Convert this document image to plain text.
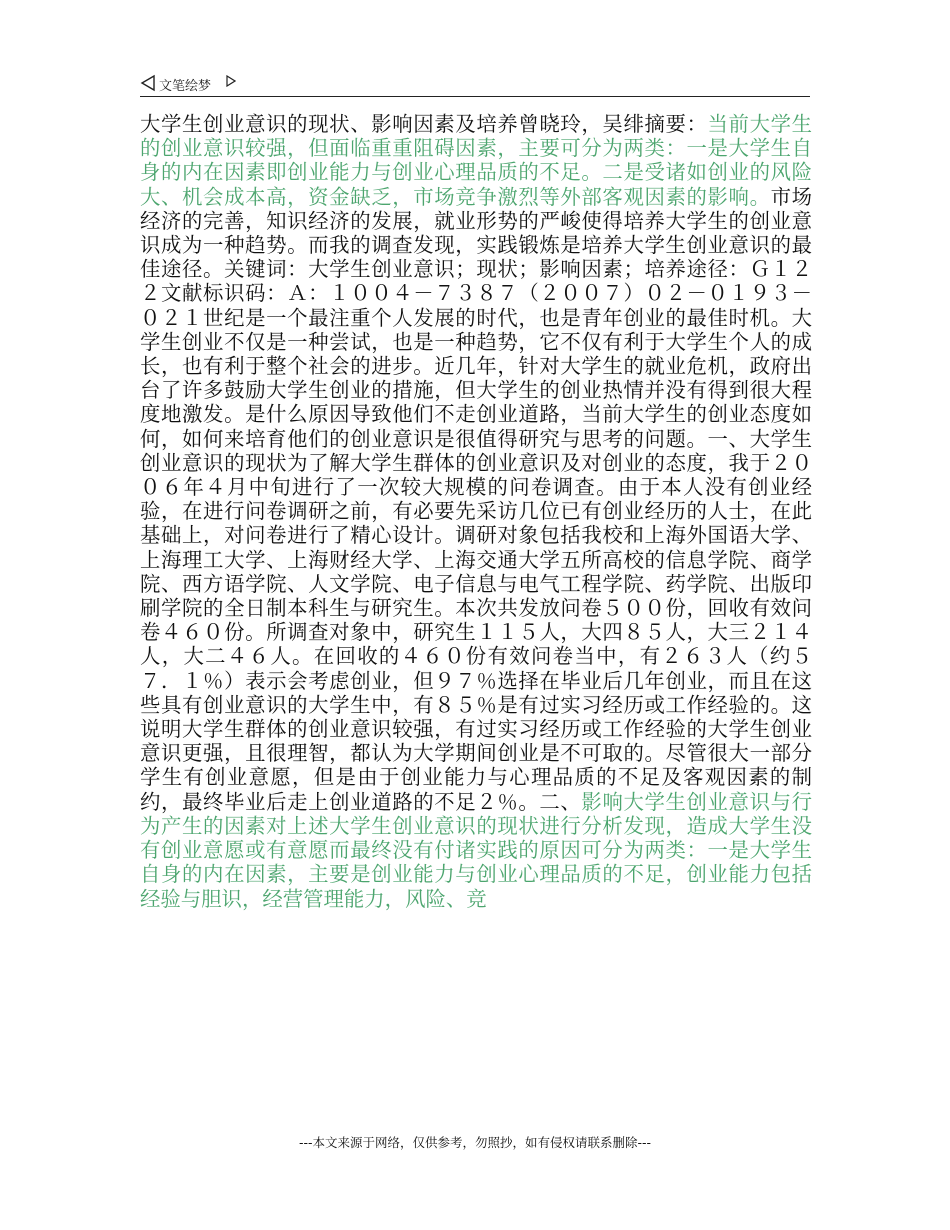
文笔绘梦
大学生创业意识的现状、影响因素及培养曾晓玲，吴绯摘要：当前大学生的创业意识较强，但面临重重阻碍因素，主要可分为两类：一是大学生自身的内在因素即创业能力与创业心理品质的不足。二是受诸如创业的风险大、机会成本高，资金缺乏，市场竞争激烈等外部客观因素的影响。市场经济的完善，知识经济的发展，就业形势的严峻使得培养大学生的创业意识成为一种趋势。而我的调查发现，实践锻炼是培养大学生创业意识的最佳途径。关键词：大学生创业意识；现状；影响因素；培养途径：Ｇ１２２文献标识码：Ａ：１００４－７３８７（２００７）０２－０１９３－０２１世纪是一个最注重个人发展的时代，也是青年创业的最佳时机。大学生创业不仅是一种尝试，也是一种趋势，它不仅有利于大学生个人的成长，也有利于整个社会的进步。近几年，针对大学生的就业危机，政府出台了许多鼓励大学生创业的措施，但大学生的创业热情并没有得到很大程度地激发。是什么原因导致他们不走创业道路，当前大学生的创业态度如何，如何来培育他们的创业意识是很值得研究与思考的问题。一、大学生创业意识的现状为了解大学生群体的创业意识及对创业的态度，我于２００６年４月中旬进行了一次较大规模的问卷调查。由于本人没有创业经验，在进行问卷调研之前，有必要先采访几位已有创业经历的人士，在此基础上，对问卷进行了精心设计。调研对象包括我校和上海外国语大学、上海理工大学、上海财经大学、上海交通大学五所高校的信息学院、商学院、西方语学院、人文学院、电子信息与电气工程学院、药学院、出版印刷学院的全日制本科生与研究生。本次共发放问卷５００份，回收有效问卷４６０份。所调查对象中，研究生１１５人，大四８５人，大三２１４人，大二４６人。在回收的４６０份有效问卷当中，有２６３人（约５７．１％）表示会考虑创业，但９７％选择在毕业后几年创业，而且在这些具有创业意识的大学生中，有８５％是有过实习经历或工作经验的。这说明大学生群体的创业意识较强，有过实习经历或工作经验的大学生创业意识更强，且很理智，都认为大学期间创业是不可取的。尽管很大一部分学生有创业意愿，但是由于创业能力与心理品质的不足及客观因素的制约，最终毕业后走上创业道路的不足２％。二、影响大学生创业意识与行为产生的因素对上述大学生创业意识的现状进行分析发现，造成大学生没有创业意愿或有意愿而最终没有付诸实践的原因可分为两类：一是大学生自身的内在因素，主要是创业能力与创业心理品质的不足，创业能力包括经验与胆识，经营管理能力，风险、竞
---本文来源于网络，仅供参考，勿照抄，如有侵权请联系删除---
